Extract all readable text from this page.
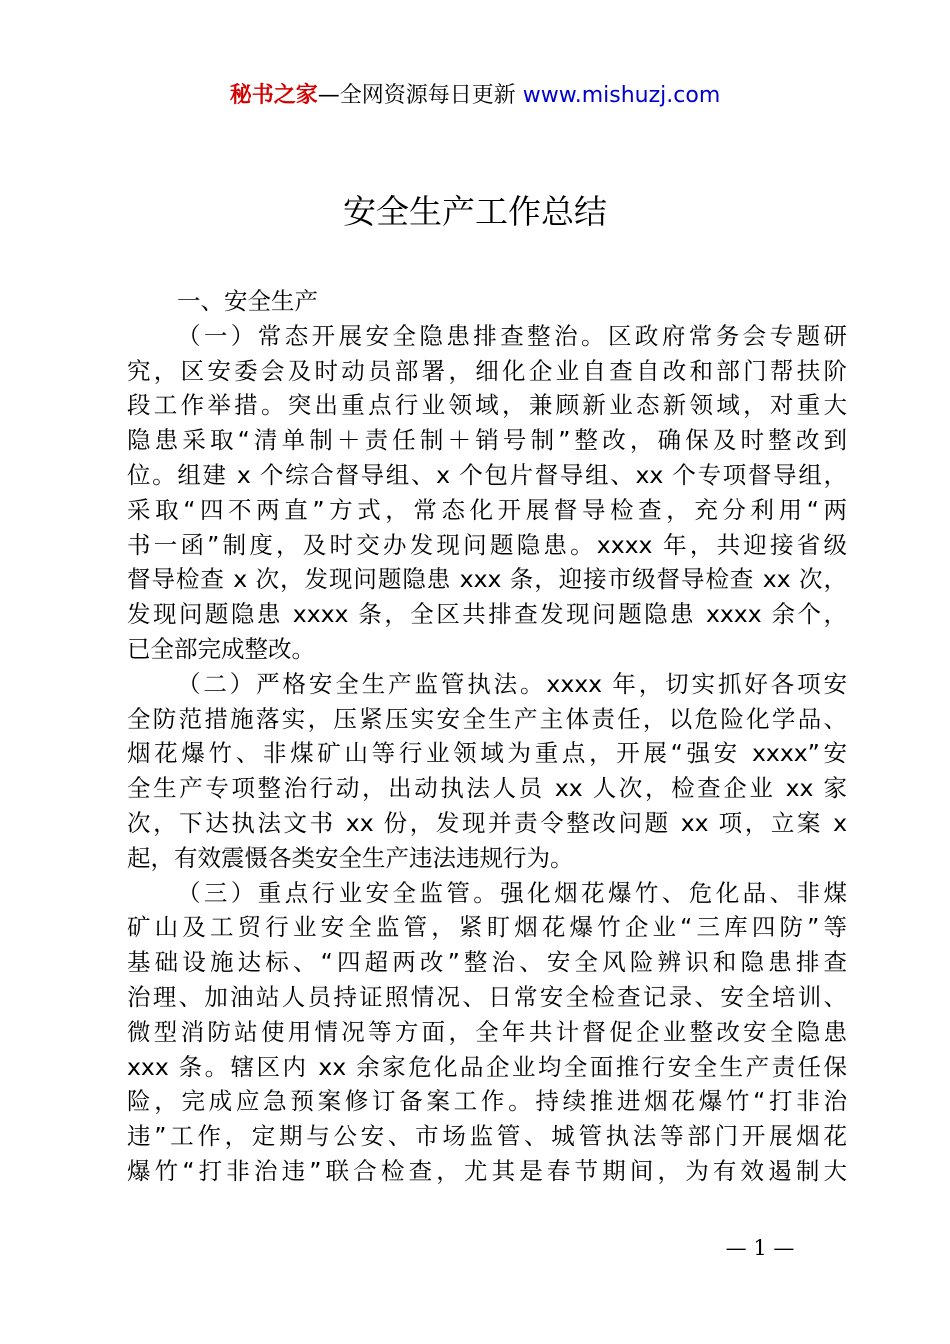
秘书之家—全网资源每日更新 www.mishuzj.com
安全生产工作总结
一、安全生产
（一）常态开展安全隐患排查整治。区政府常务会专题研
究，区安委会及时动员部署，细化企业自查自改和部门帮扶阶
段工作举措。突出重点行业领域，兼顾新业态新领域，对重大
隐患采取“清单制＋责任制＋销号制”整改，确保及时整改到
位。组建 x 个综合督导组、x 个包片督导组、xx 个专项督导组，
采取“四不两直”方式，常态化开展督导检查，充分利用“两
书一函”制度，及时交办发现问题隐患。xxxx 年，共迎接省级
督导检查 x 次，发现问题隐患 xxx 条，迎接市级督导检查 xx 次，
发现问题隐患 xxxx 条，全区共排查发现问题隐患 xxxx 余个，
已全部完成整改。
（二）严格安全生产监管执法。xxxx 年，切实抓好各项安
全防范措施落实，压紧压实安全生产主体责任，以危险化学品、
烟花爆竹、非煤矿山等行业领域为重点，开展“强安 xxxx”安
全生产专项整治行动，出动执法人员 xx 人次，检查企业 xx 家
次，下达执法文书 xx 份，发现并责令整改问题 xx 项，立案 x
起，有效震慑各类安全生产违法违规行为。
（三）重点行业安全监管。强化烟花爆竹、危化品、非煤
矿山及工贸行业安全监管，紧盯烟花爆竹企业“三库四防”等
基础设施达标、“四超两改”整治、安全风险辨识和隐患排查
治理、加油站人员持证照情况、日常安全检查记录、安全培训、
微型消防站使用情况等方面，全年共计督促企业整改安全隐患
xxx 条。辖区内 xx 余家危化品企业均全面推行安全生产责任保
险，完成应急预案修订备案工作。持续推进烟花爆竹“打非治
违”工作，定期与公安、市场监管、城管执法等部门开展烟花
爆竹“打非治违”联合检查，尤其是春节期间，为有效遏制大
— 1 —
